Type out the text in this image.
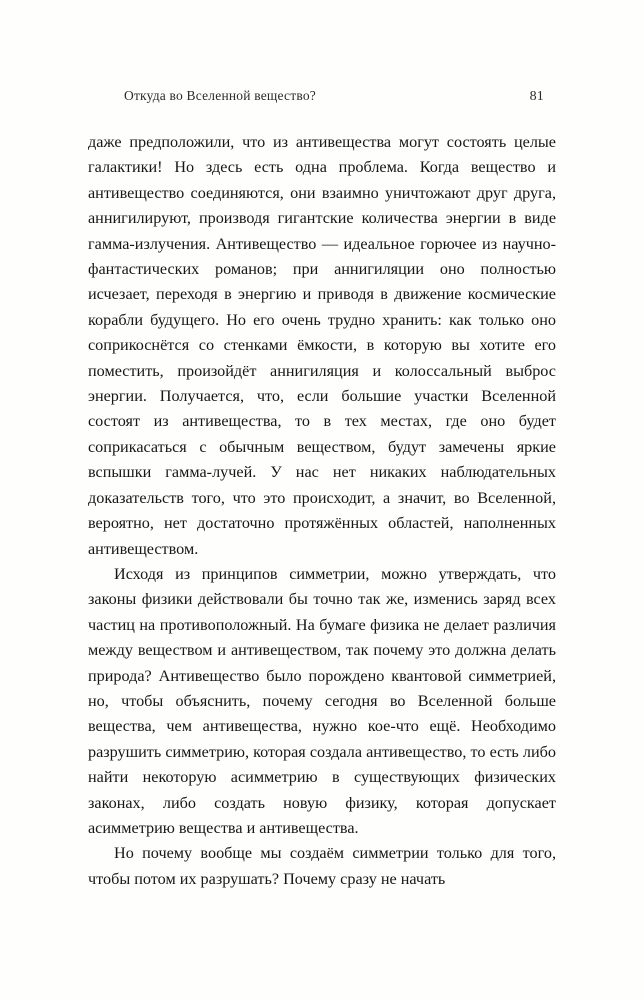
Откуда во Вселенной вещество?	81

даже предположили, что из антивещества могут состоять целые галактики! Но здесь есть одна проблема. Когда вещество и антивещество соединяются, они взаимно уничтожают друг друга, аннигилируют, производя гигантские количества энергии в виде гамма-излучения. Антивещество — идеальное горючее из научно-фантастических романов; при аннигиляции оно полностью исчезает, переходя в энергию и приводя в движение космические корабли будущего. Но его очень трудно хранить: как только оно соприкоснётся со стенками ёмкости, в которую вы хотите его поместить, произойдёт аннигиляция и колоссальный выброс энергии. Получается, что, если большие участки Вселенной состоят из антивещества, то в тех местах, где оно будет соприкасаться с обычным веществом, будут замечены яркие вспышки гамма-лучей. У нас нет никаких наблюдательных доказательств того, что это происходит, а значит, во Вселенной, вероятно, нет достаточно протяжённых областей, наполненных антивеществом.

Исходя из принципов симметрии, можно утверждать, что законы физики действовали бы точно так же, изменись заряд всех частиц на противоположный. На бумаге физика не делает различия между веществом и антивеществом, так почему это должна делать природа? Антивещество было порождено квантовой симметрией, но, чтобы объяснить, почему сегодня во Вселенной больше вещества, чем антивещества, нужно кое-что ещё. Необходимо разрушить симметрию, которая создала антивещество, то есть либо найти некоторую асимметрию в существующих физических законах, либо создать новую физику, которая допускает асимметрию вещества и антивещества.

Но почему вообще мы создаём симметрии только для того, чтобы потом их разрушать? Почему сразу не начать
